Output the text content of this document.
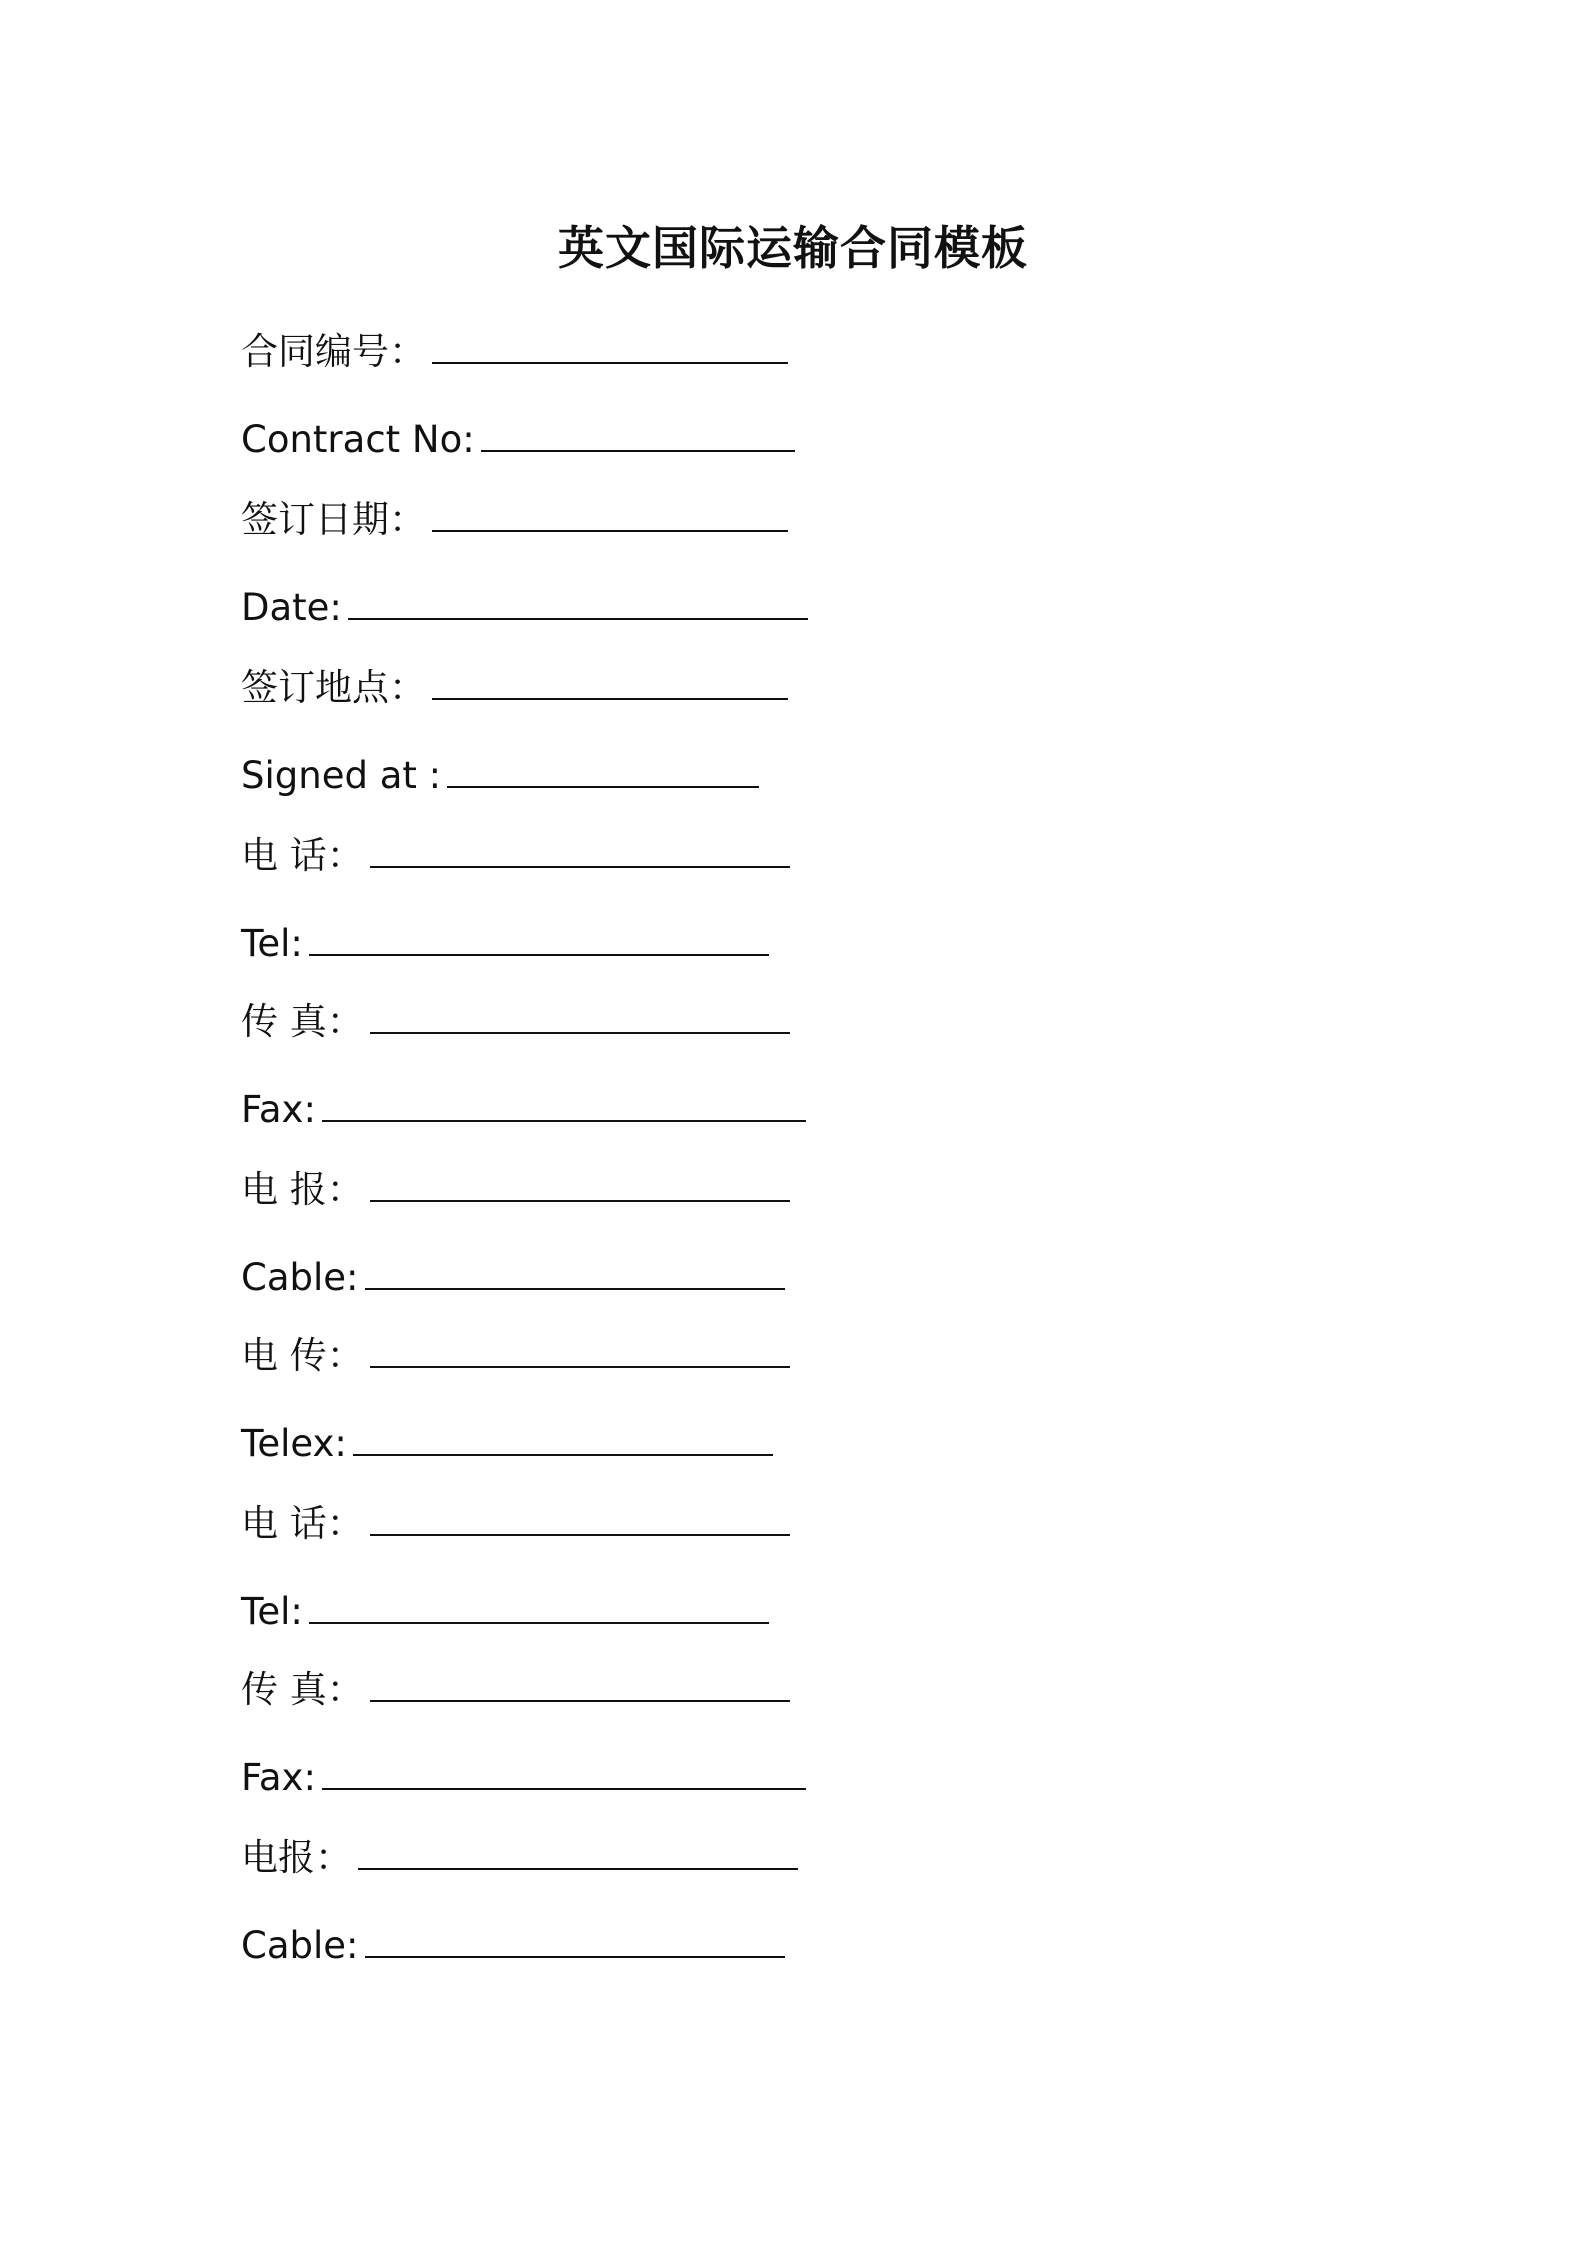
英文国际运输合同模板
合同编号：
Contract No:
签订日期：
Date:
签订地点：
Signed at :
电 话：
Tel:
传 真：
Fax:
电 报：
Cable:
电 传：
Telex:
电 话：
Tel:
传 真：
Fax:
电报：
Cable:
